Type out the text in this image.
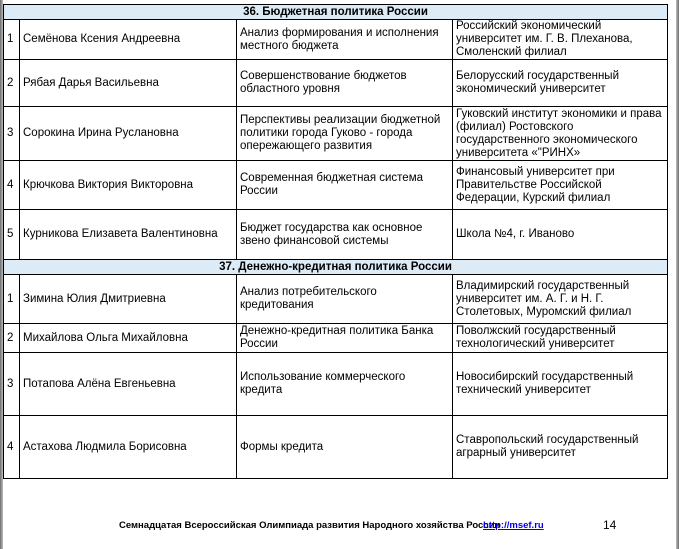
36. Бюджетная политика России			
1	Семёнова Ксения Андреевна	Анализ формирования и исполнения местного бюджета	Российский экономический университет им. Г. В. Плеханова, Смоленский филиал
2	Рябая Дарья Васильевна	Совершенствование бюджетов областного уровня	Белорусский государственный экономический университет
3	Сорокина Ирина Руслановна	Перспективы реализации бюджетной политики города Гуково - города опережающего развития	Гуковский институт экономики и права (филиал) Ростовского государственного экономического университета «"РИНХ»
4	Крючкова Виктория Викторовна	Современная бюджетная система России	Финансовый университет при Правительстве Российской Федерации, Курский филиал
5	Курникова Елизавета Валентиновна	Бюджет государства как основное звено финансовой системы	Школа №4, г. Иваново
37. Денежно-кредитная политика России			
1	Зимина Юлия Дмитриевна	Анализ потребительского кредитования	Владимирский государственный университет им. А. Г. и Н. Г. Столетовых, Муромский филиал
2	Михайлова Ольга Михайловна	Денежно-кредитная политика Банка России	Поволжский государственный технологический университет
3	Потапова Алёна Евгеньевна	Использование коммерческого кредита	Новосибирский государственный технический университет
4	Астахова Людмила Борисовна	Формы кредита	Ставропольский государственный аграрный университет
Семнадцатая Всероссийская Олимпиада развития Народного хозяйства России
http://msef.ru	14
